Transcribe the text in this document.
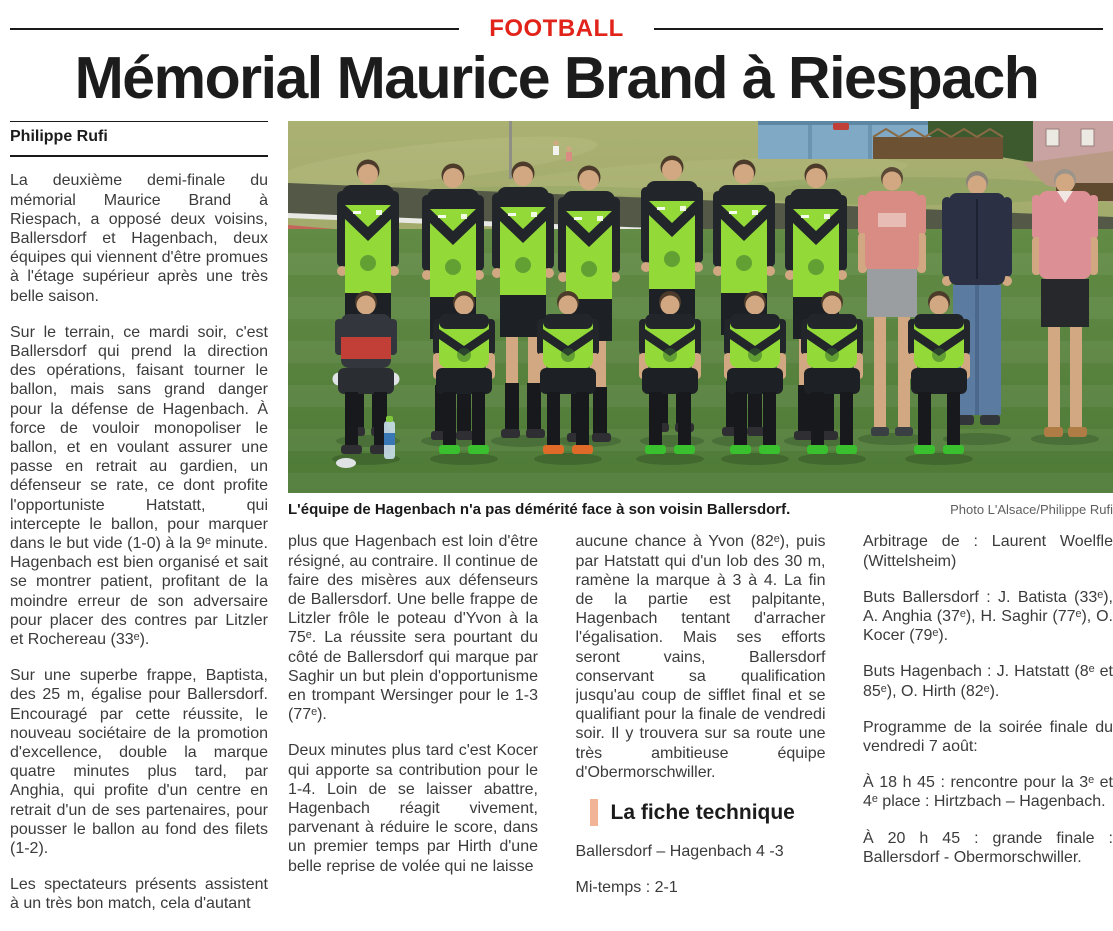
FOOTBALL
Mémorial Maurice Brand à Riespach
Philippe Rufi

La deuxième demi-finale du mémorial Maurice Brand à Riespach, a opposé deux voisins, Ballersdorf et Hagenbach, deux équipes qui viennent d'être promues à l'étage supérieur après une très belle saison.

Sur le terrain, ce mardi soir, c'est Ballersdorf qui prend la direction des opérations, faisant tourner le ballon, mais sans grand danger pour la défense de Hagenbach. À force de vouloir monopoliser le ballon, et en voulant assurer une passe en retrait au gardien, un défenseur se rate, ce dont profite l'opportuniste Hatstatt, qui intercepte le ballon, pour marquer dans le but vide (1-0) à la 9ᵉ minute. Hagenbach est bien organisé et sait se montrer patient, profitant de la moindre erreur de son adversaire pour placer des contres par Litzler et Rochereau (33ᵉ).

Sur une superbe frappe, Baptista, des 25 m, égalise pour Ballersdorf. Encouragé par cette réussite, le nouveau sociétaire de la promotion d'excellence, double la marque quatre minutes plus tard, par Anghia, qui profite d'un centre en retrait d'un de ses partenaires, pour pousser le ballon au fond des filets (1-2).

Les spectateurs présents assistent à un très bon match, cela d'autant

L'équipe de Hagenbach n'a pas démérité face à son voisin Ballersdorf.	Photo L'Alsace/Philippe Rufi

plus que Hagenbach est loin d'être résigné, au contraire. Il continue de faire des misères aux défenseurs de Ballersdorf. Une belle frappe de Litzler frôle le poteau d'Yvon à la 75ᵉ. La réussite sera pourtant du côté de Ballersdorf qui marque par Saghir un but plein d'opportunisme en trompant Wersinger pour le 1-3 (77ᵉ).

Deux minutes plus tard c'est Kocer qui apporte sa contribution pour le 1-4. Loin de se laisser abattre, Hagenbach réagit vivement, parvenant à réduire le score, dans un premier temps par Hirth d'une belle reprise de volée qui ne laisse

aucune chance à Yvon (82ᵉ), puis par Hatstatt qui d'un lob des 30 m, ramène la marque à 3 à 4. La fin de la partie est palpitante, Hagenbach tentant d'arracher l'égalisation. Mais ses efforts seront vains, Ballersdorf conservant sa qualification jusqu'au coup de sifflet final et se qualifiant pour la finale de vendredi soir. Il y trouvera sur sa route une très ambitieuse équipe d'Obermorschwiller.

La fiche technique

Ballersdorf – Hagenbach 4 -3

Mi-temps : 2-1

Arbitrage de : Laurent Woelfle (Wittelsheim)

Buts Ballersdorf : J. Batista (33ᵉ), A. Anghia (37ᵉ), H. Saghir (77ᵉ), O. Kocer (79ᵉ).

Buts Hagenbach : J. Hatstatt (8ᵉ et 85ᵉ), O. Hirth (82ᵉ).

Programme de la soirée finale du vendredi 7 août:

À 18 h 45 : rencontre pour la 3ᵉ et 4ᵉ place : Hirtzbach – Hagenbach.

À 20 h 45 : grande finale : Ballersdorf - Obermorschwiller.
